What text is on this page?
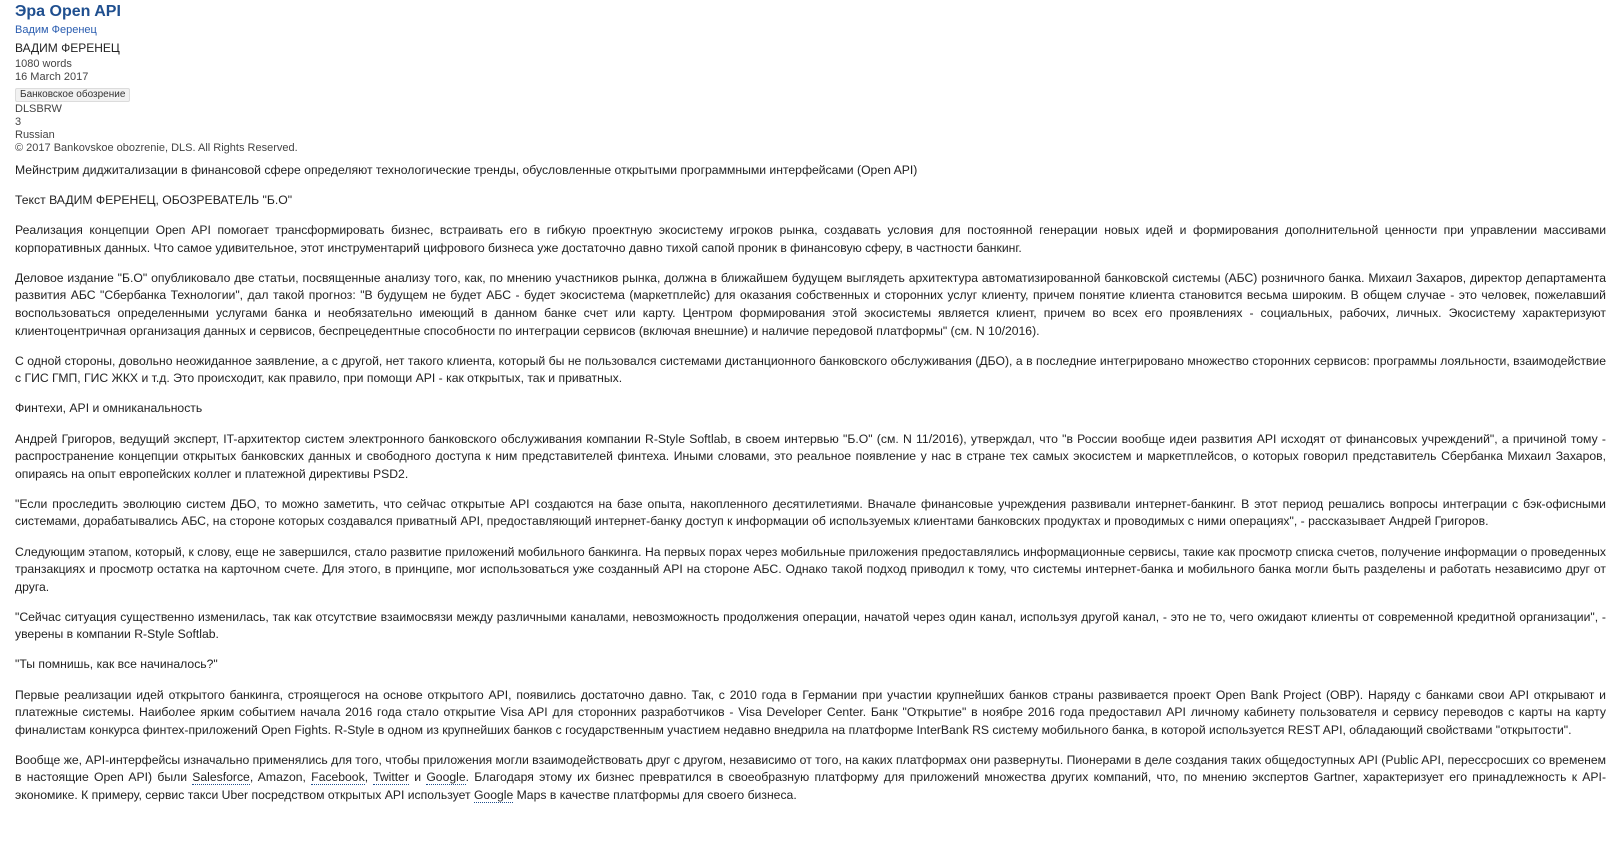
Эра Open API
Вадим Ференец
ВАДИМ ФЕРЕНЕЦ
1080 words
16 March 2017
Банковское обозрение
DLSBRW
3
Russian
© 2017 Bankovskoe obozrenie, DLS. All Rights Reserved.

Мейнстрим диджитализации в финансовой сфере определяют технологические тренды, обусловленные открытыми программными интерфейсами (Open API)

Текст ВАДИМ ФЕРЕНЕЦ, ОБОЗРЕВАТЕЛЬ "Б.О"

Реализация концепции Open API помогает трансформировать бизнес, встраивать его в гибкую проектную экосистему игроков рынка, создавать условия для постоянной генерации новых идей и формирования дополнительной ценности при управлении массивами корпоративных данных. Что самое удивительное, этот инструментарий цифрового бизнеса уже достаточно давно тихой сапой проник в финансовую сферу, в частности банкинг.

Деловое издание "Б.О" опубликовало две статьи, посвященные анализу того, как, по мнению участников рынка, должна в ближайшем будущем выглядеть архитектура автоматизированной банковской системы (АБС) розничного банка. Михаил Захаров, директор департамента развития АБС "Сбербанка Технологии", дал такой прогноз: "В будущем не будет АБС - будет экосистема (маркетплейс) для оказания собственных и сторонних услуг клиенту, причем понятие клиента становится весьма широким. В общем случае - это человек, пожелавший воспользоваться определенными услугами банка и необязательно имеющий в данном банке счет или карту. Центром формирования этой экосистемы является клиент, причем во всех его проявлениях - социальных, рабочих, личных. Экосистему характеризуют клиентоцентричная организация данных и сервисов, беспрецедентные способности по интеграции сервисов (включая внешние) и наличие передовой платформы" (см. N 10/2016).

С одной стороны, довольно неожиданное заявление, а с другой, нет такого клиента, который бы не пользовался системами дистанционного банковского обслуживания (ДБО), а в последние интегрировано множество сторонних сервисов: программы лояльности, взаимодействие с ГИС ГМП, ГИС ЖКХ и т.д. Это происходит, как правило, при помощи API - как открытых, так и приватных.

Финтехи, API и омниканальность

Андрей Григоров, ведущий эксперт, IT-архитектор систем электронного банковского обслуживания компании R-Style Softlab, в своем интервью "Б.О" (см. N 11/2016), утверждал, что "в России вообще идеи развития API исходят от финансовых учреждений", а причиной тому - распространение концепции открытых банковских данных и свободного доступа к ним представителей финтеха. Иными словами, это реальное появление у нас в стране тех самых экосистем и маркетплейсов, о которых говорил представитель Сбербанка Михаил Захаров, опираясь на опыт европейских коллег и платежной директивы PSD2.

"Если проследить эволюцию систем ДБО, то можно заметить, что сейчас открытые API создаются на базе опыта, накопленного десятилетиями. Вначале финансовые учреждения развивали интернет-банкинг. В этот период решались вопросы интеграции с бэк-офисными системами, дорабатывались АБС, на стороне которых создавался приватный API, предоставляющий интернет-банку доступ к информации об используемых клиентами банковских продуктах и проводимых с ними операциях", - рассказывает Андрей Григоров.

Следующим этапом, который, к слову, еще не завершился, стало развитие приложений мобильного банкинга. На первых порах через мобильные приложения предоставлялись информационные сервисы, такие как просмотр списка счетов, получение информации о проведенных транзакциях и просмотр остатка на карточном счете. Для этого, в принципе, мог использоваться уже созданный API на стороне АБС. Однако такой подход приводил к тому, что системы интернет-банка и мобильного банка могли быть разделены и работать независимо друг от друга.

"Сейчас ситуация существенно изменилась, так как отсутствие взаимосвязи между различными каналами, невозможность продолжения операции, начатой через один канал, используя другой канал, - это не то, чего ожидают клиенты от современной кредитной организации", - уверены в компании R-Style Softlab.

"Ты помнишь, как все начиналось?"

Первые реализации идей открытого банкинга, строящегося на основе открытого API, появились достаточно давно. Так, с 2010 года в Германии при участии крупнейших банков страны развивается проект Open Bank Project (OBP). Наряду с банками свои API открывают и платежные системы. Наиболее ярким событием начала 2016 года стало открытие Visa API для сторонних разработчиков - Visa Developer Center. Банк "Открытие" в ноябре 2016 года предоставил API личному кабинету пользователя и сервису переводов с карты на карту финалистам конкурса финтех-приложений Open Fights. R-Style в одном из крупнейших банков с государственным участием недавно внедрила на платформе InterBank RS систему мобильного банка, в которой используется REST API, обладающий свойствами "открытости".

Вообще же, API-интерфейсы изначально применялись для того, чтобы приложения могли взаимодействовать друг с другом, независимо от того, на каких платформах они развернуты. Пионерами в деле создания таких общедоступных API (Public API, перессросших со временем в настоящие Open API) были Salesforce, Amazon, Facebook, Twitter и Google. Благодаря этому их бизнес превратился в своеобразную платформу для приложений множества других компаний, что, по мнению экспертов Gartner, характеризует его принадлежность к API-экономике. К примеру, сервис такси Uber посредством открытых API использует Google Maps в качестве платформы для своего бизнеса.
